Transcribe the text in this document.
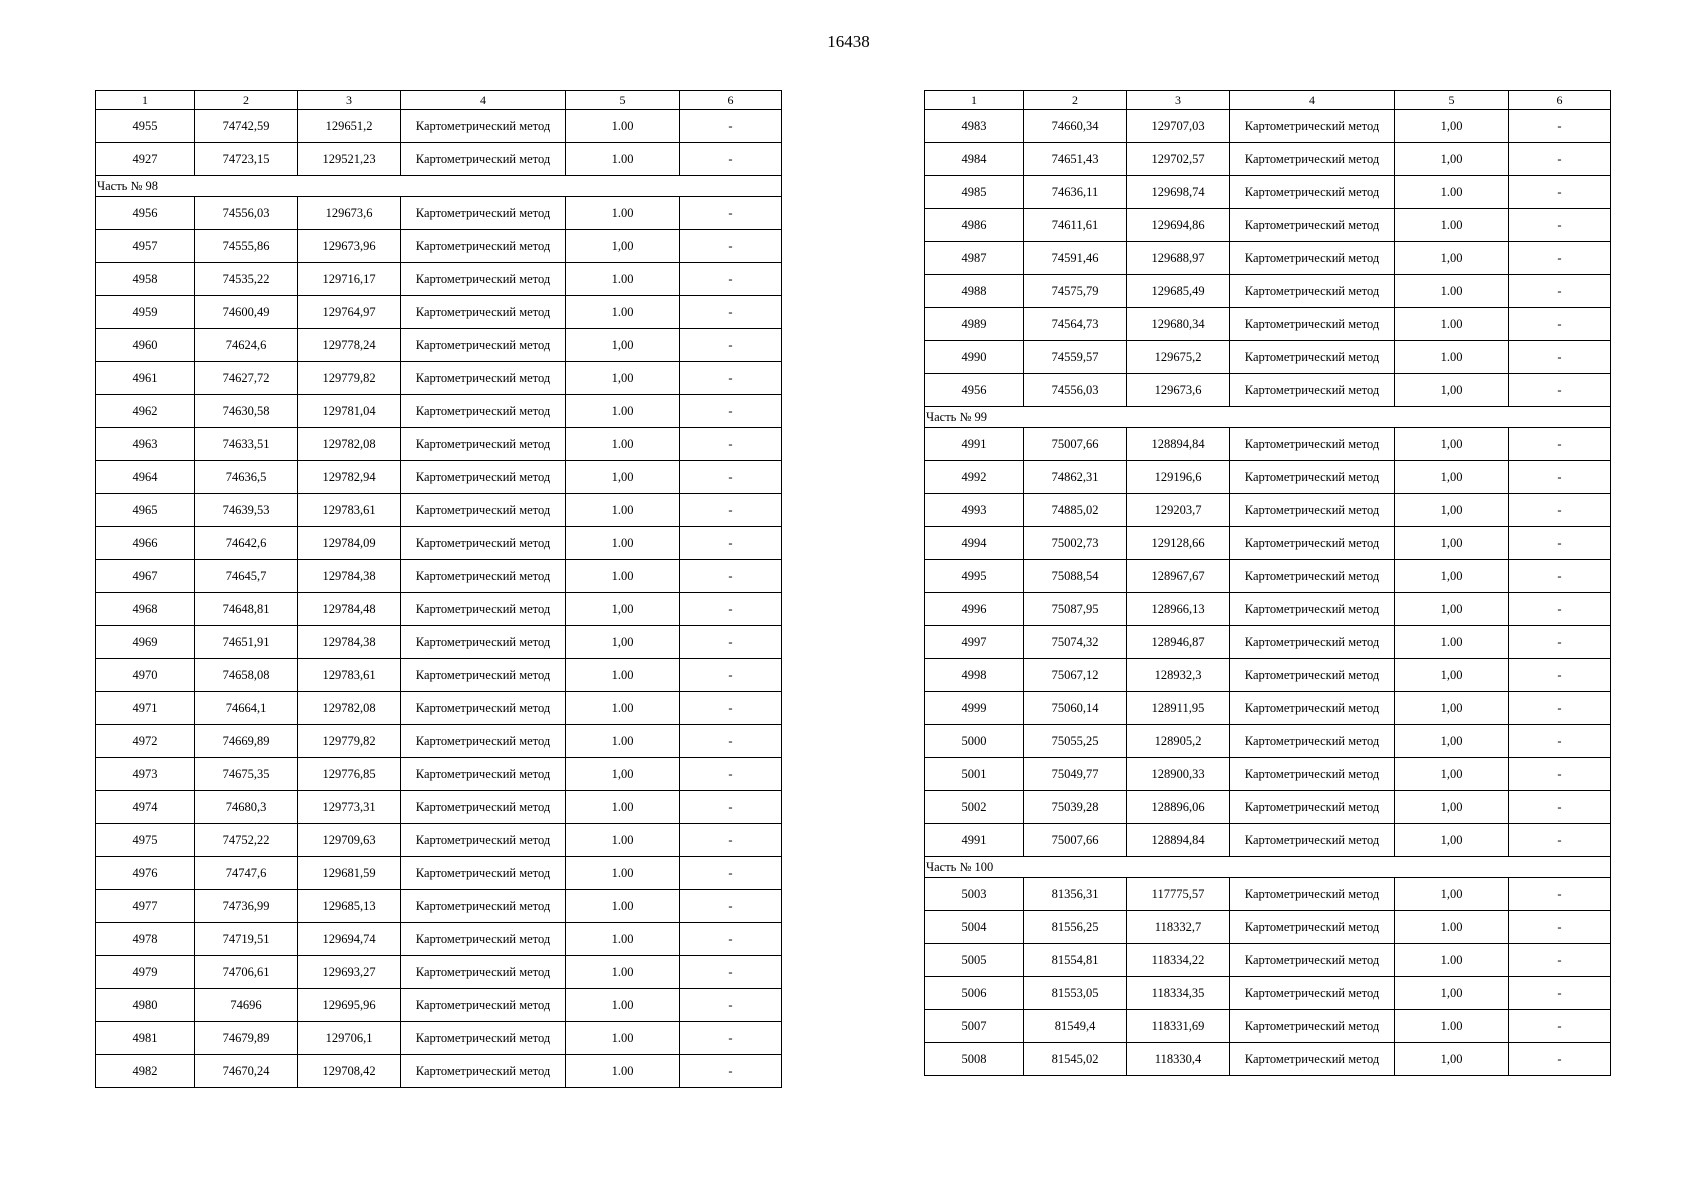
16438
1	2	3	4	5	6
4955	74742,59	129651,2	Картометрический метод	1.00	-
4927	74723,15	129521,23	Картометрический метод	1.00	-
Часть № 98					
4956	74556,03	129673,6	Картометрический метод	1.00	-
4957	74555,86	129673,96	Картометрический метод	1,00	-
4958	74535,22	129716,17	Картометрический метод	1.00	-
4959	74600,49	129764,97	Картометрический метод	1.00	-
4960	74624,6	129778,24	Картометрический метод	1,00	-
4961	74627,72	129779,82	Картометрический метод	1,00	-
4962	74630,58	129781,04	Картометрический метод	1.00	-
4963	74633,51	129782,08	Картометрический метод	1.00	-
4964	74636,5	129782,94	Картометрический метод	1,00	-
4965	74639,53	129783,61	Картометрический метод	1.00	-
4966	74642,6	129784,09	Картометрический метод	1.00	-
4967	74645,7	129784,38	Картометрический метод	1.00	-
4968	74648,81	129784,48	Картометрический метод	1,00	-
4969	74651,91	129784,38	Картометрический метод	1,00	-
4970	74658,08	129783,61	Картометрический метод	1.00	-
4971	74664,1	129782,08	Картометрический метод	1.00	-
4972	74669,89	129779,82	Картометрический метод	1.00	-
4973	74675,35	129776,85	Картометрический метод	1,00	-
4974	74680,3	129773,31	Картометрический метод	1.00	-
4975	74752,22	129709,63	Картометрический метод	1.00	-
4976	74747,6	129681,59	Картометрический метод	1.00	-
4977	74736,99	129685,13	Картометрический метод	1.00	-
4978	74719,51	129694,74	Картометрический метод	1.00	-
4979	74706,61	129693,27	Картометрический метод	1.00	-
4980	74696	129695,96	Картометрический метод	1.00	-
4981	74679,89	129706,1	Картометрический метод	1.00	-
4982	74670,24	129708,42	Картометрический метод	1.00	-
1	2	3	4	5	6
4983	74660,34	129707,03	Картометрический метод	1,00	-
4984	74651,43	129702,57	Картометрический метод	1,00	-
4985	74636,11	129698,74	Картометрический метод	1.00	-
4986	74611,61	129694,86	Картометрический метод	1.00	-
4987	74591,46	129688,97	Картометрический метод	1,00	-
4988	74575,79	129685,49	Картометрический метод	1.00	-
4989	74564,73	129680,34	Картометрический метод	1.00	-
4990	74559,57	129675,2	Картометрический метод	1.00	-
4956	74556,03	129673,6	Картометрический метод	1,00	-
Часть № 99					
4991	75007,66	128894,84	Картометрический метод	1,00	-
4992	74862,31	129196,6	Картометрический метод	1,00	-
4993	74885,02	129203,7	Картометрический метод	1,00	-
4994	75002,73	129128,66	Картометрический метод	1,00	-
4995	75088,54	128967,67	Картометрический метод	1,00	-
4996	75087,95	128966,13	Картометрический метод	1,00	-
4997	75074,32	128946,87	Картометрический метод	1.00	-
4998	75067,12	128932,3	Картометрический метод	1,00	-
4999	75060,14	128911,95	Картометрический метод	1,00	-
5000	75055,25	128905,2	Картометрический метод	1,00	-
5001	75049,77	128900,33	Картометрический метод	1,00	-
5002	75039,28	128896,06	Картометрический метод	1,00	-
4991	75007,66	128894,84	Картометрический метод	1,00	-
Часть № 100					
5003	81356,31	117775,57	Картометрический метод	1,00	-
5004	81556,25	118332,7	Картометрический метод	1.00	-
5005	81554,81	118334,22	Картометрический метод	1.00	-
5006	81553,05	118334,35	Картометрический метод	1,00	-
5007	81549,4	118331,69	Картометрический метод	1.00	-
5008	81545,02	118330,4	Картометрический метод	1,00	-
